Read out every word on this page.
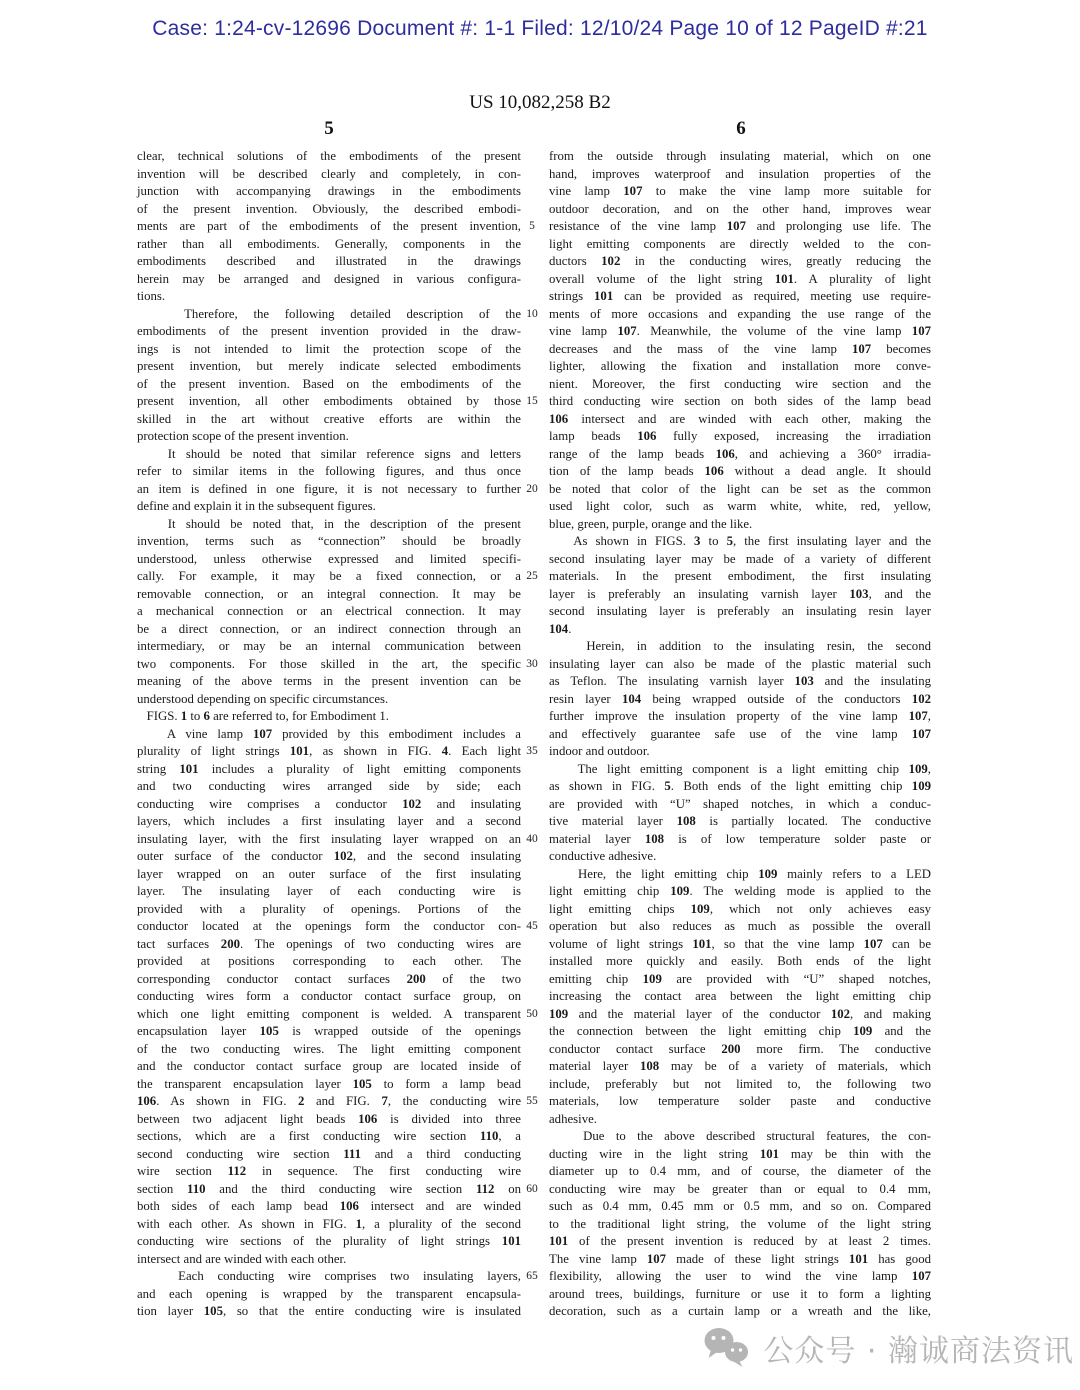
Case: 1:24-cv-12696 Document #: 1-1 Filed: 12/10/24 Page 10 of 12 PageID #:21
US 10,082,258 B2
5	6
5
10
15
20
25
30
35
40
45
50
55
60
65
clear, technical solutions of the embodiments of the present
invention will be described clearly and completely, in con-
junction with accompanying drawings in the embodiments
of the present invention. Obviously, the described embodi-
ments are part of the embodiments of the present invention,
rather than all embodiments. Generally, components in the
embodiments described and illustrated in the drawings
herein may be arranged and designed in various configura-
tions.
Therefore, the following detailed description of the
embodiments of the present invention provided in the draw-
ings is not intended to limit the protection scope of the
present invention, but merely indicate selected embodiments
of the present invention. Based on the embodiments of the
present invention, all other embodiments obtained by those
skilled in the art without creative efforts are within the
protection scope of the present invention.
It should be noted that similar reference signs and letters
refer to similar items in the following figures, and thus once
an item is defined in one figure, it is not necessary to further
define and explain it in the subsequent figures.
It should be noted that, in the description of the present
invention, terms such as “connection” should be broadly
understood, unless otherwise expressed and limited specifi-
cally. For example, it may be a fixed connection, or a
removable connection, or an integral connection. It may be
a mechanical connection or an electrical connection. It may
be a direct connection, or an indirect connection through an
intermediary, or may be an internal communication between
two components. For those skilled in the art, the specific
meaning of the above terms in the present invention can be
understood depending on specific circumstances.
FIGS. 1 to 6 are referred to, for Embodiment 1.
A vine lamp 107 provided by this embodiment includes a
plurality of light strings 101, as shown in FIG. 4. Each light
string 101 includes a plurality of light emitting components
and two conducting wires arranged side by side; each
conducting wire comprises a conductor 102 and insulating
layers, which includes a first insulating layer and a second
insulating layer, with the first insulating layer wrapped on an
outer surface of the conductor 102, and the second insulating
layer wrapped on an outer surface of the first insulating
layer. The insulating layer of each conducting wire is
provided with a plurality of openings. Portions of the
conductor located at the openings form the conductor con-
tact surfaces 200. The openings of two conducting wires are
provided at positions corresponding to each other. The
corresponding conductor contact surfaces 200 of the two
conducting wires form a conductor contact surface group, on
which one light emitting component is welded. A transparent
encapsulation layer 105 is wrapped outside of the openings
of the two conducting wires. The light emitting component
and the conductor contact surface group are located inside of
the transparent encapsulation layer 105 to form a lamp bead
106. As shown in FIG. 2 and FIG. 7, the conducting wire
between two adjacent light beads 106 is divided into three
sections, which are a first conducting wire section 110, a
second conducting wire section 111 and a third conducting
wire section 112 in sequence. The first conducting wire
section 110 and the third conducting wire section 112 on
both sides of each lamp bead 106 intersect and are winded
with each other. As shown in FIG. 1, a plurality of the second
conducting wire sections of the plurality of light strings 101
intersect and are winded with each other.
Each conducting wire comprises two insulating layers,
and each opening is wrapped by the transparent encapsula-
tion layer 105, so that the entire conducting wire is insulated
from the outside through insulating material, which on one
hand, improves waterproof and insulation properties of the
vine lamp 107 to make the vine lamp more suitable for
outdoor decoration, and on the other hand, improves wear
resistance of the vine lamp 107 and prolonging use life. The
light emitting components are directly welded to the con-
ductors 102 in the conducting wires, greatly reducing the
overall volume of the light string 101. A plurality of light
strings 101 can be provided as required, meeting use require-
ments of more occasions and expanding the use range of the
vine lamp 107. Meanwhile, the volume of the vine lamp 107
decreases and the mass of the vine lamp 107 becomes
lighter, allowing the fixation and installation more conve-
nient. Moreover, the first conducting wire section and the
third conducting wire section on both sides of the lamp bead
106 intersect and are winded with each other, making the
lamp beads 106 fully exposed, increasing the irradiation
range of the lamp beads 106, and achieving a 360° irradia-
tion of the lamp beads 106 without a dead angle. It should
be noted that color of the light can be set as the common
used light color, such as warm white, white, red, yellow,
blue, green, purple, orange and the like.
As shown in FIGS. 3 to 5, the first insulating layer and the
second insulating layer may be made of a variety of different
materials. In the present embodiment, the first insulating
layer is preferably an insulating varnish layer 103, and the
second insulating layer is preferably an insulating resin layer
104.
Herein, in addition to the insulating resin, the second
insulating layer can also be made of the plastic material such
as Teflon. The insulating varnish layer 103 and the insulating
resin layer 104 being wrapped outside of the conductors 102
further improve the insulation property of the vine lamp 107,
and effectively guarantee safe use of the vine lamp 107
indoor and outdoor.
The light emitting component is a light emitting chip 109,
as shown in FIG. 5. Both ends of the light emitting chip 109
are provided with “U” shaped notches, in which a conduc-
tive material layer 108 is partially located. The conductive
material layer 108 is of low temperature solder paste or
conductive adhesive.
Here, the light emitting chip 109 mainly refers to a LED
light emitting chip 109. The welding mode is applied to the
light emitting chips 109, which not only achieves easy
operation but also reduces as much as possible the overall
volume of light strings 101, so that the vine lamp 107 can be
installed more quickly and easily. Both ends of the light
emitting chip 109 are provided with “U” shaped notches,
increasing the contact area between the light emitting chip
109 and the material layer of the conductor 102, and making
the connection between the light emitting chip 109 and the
conductor contact surface 200 more firm. The conductive
material layer 108 may be of a variety of materials, which
include, preferably but not limited to, the following two
materials, low temperature solder paste and conductive
adhesive.
Due to the above described structural features, the con-
ducting wire in the light string 101 may be thin with the
diameter up to 0.4 mm, and of course, the diameter of the
conducting wire may be greater than or equal to 0.4 mm,
such as 0.4 mm, 0.45 mm or 0.5 mm, and so on. Compared
to the traditional light string, the volume of the light string
101 of the present invention is reduced by at least 2 times.
The vine lamp 107 made of these light strings 101 has good
flexibility, allowing the user to wind the vine lamp 107
around trees, buildings, furniture or use it to form a lighting
decoration, such as a curtain lamp or a wreath and the like,
公众号 · 瀚诚商法资讯
